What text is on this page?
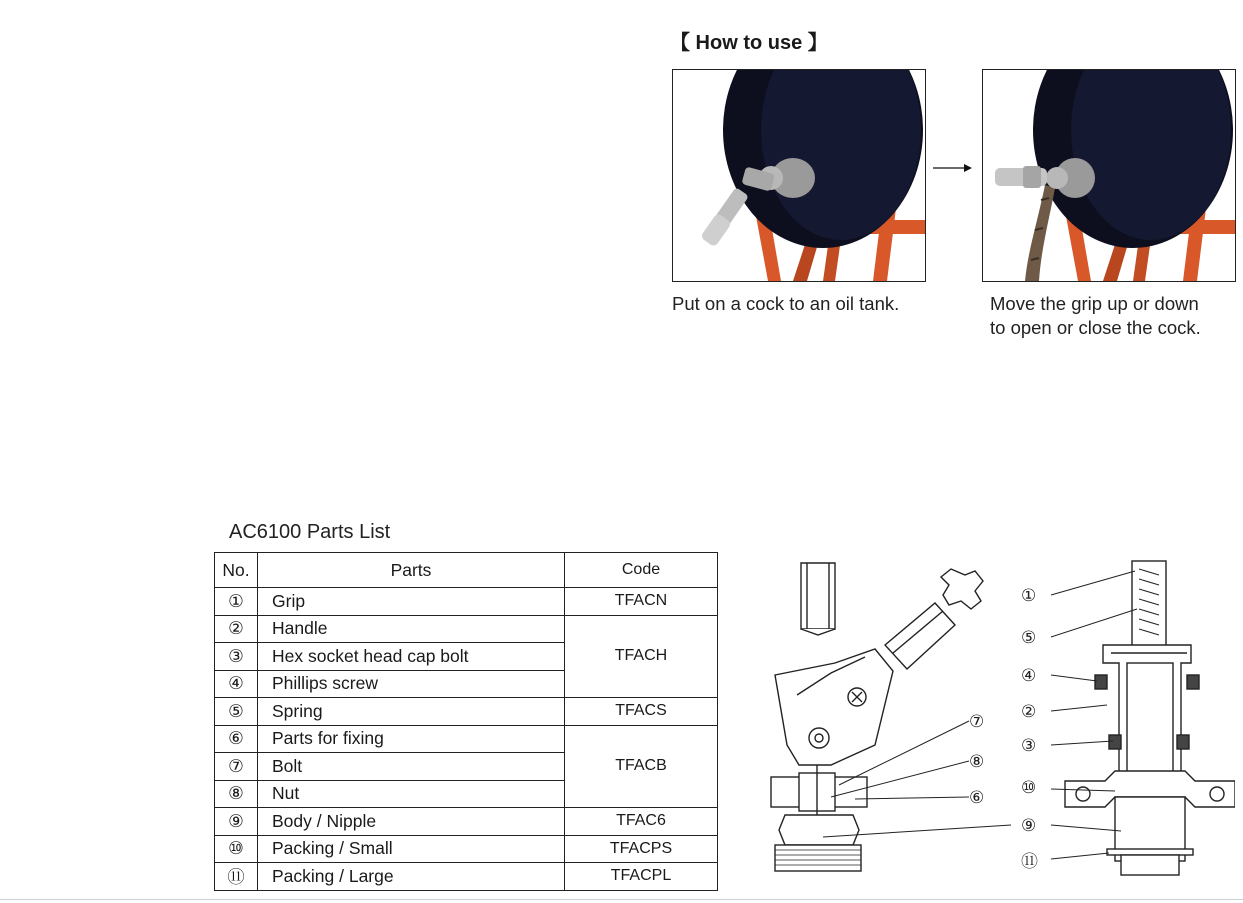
【 How to use 】
Put on a cock to an oil tank.	Move the grip up or down
to open or close the cock.
AC6100 Parts List
No.	Parts	Code
①	Grip	TFACN
②	Handle	TFACH
③	Hex socket head cap bolt	
④	Phillips screw	
⑤	Spring	TFACS
⑥	Parts for fixing	TFACB
⑦	Bolt	
⑧	Nut	
⑨	Body / Nipple	TFAC6
⑩	Packing / Small	TFACPS
⑪	Packing / Large	TFACPL
①
⑤
④
②
③
⑩
⑨
⑪
⑦
⑧
⑥
